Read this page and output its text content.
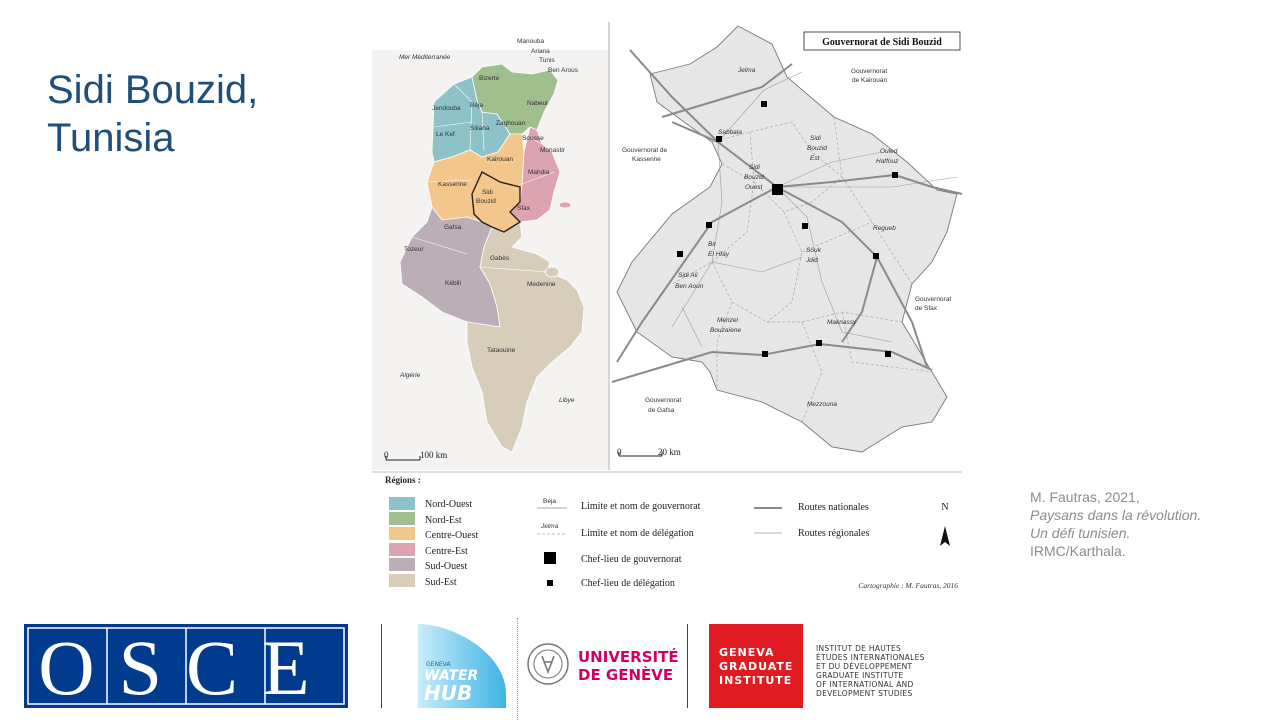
Sidi Bouzid,
Tunisia
Mer Méditerranée
Manouba
Ariana
Tunis
Ben Arous
Bizerte
Jendouba Béja	Nabeul
Zaghouan
Siliana
Le Kef
Sousse
Monastir
Kairouan
Mahdia
Kasserine
Sidi
Bouzid
Sfax
Gafsa
Tozeur
Gabès
Kébili	Medenine
Tataouine
Algérie
Libye
0	100 km
Gouvernorat de Sidi Bouzid
Gouvernorat
de Kairouan
Gouvernorat de
Kasserine
Gouvernorat
de Sfax
Gouvernorat
de Gafsa
Jelma
Sabbala
Sidi
Bouzid
Est
Ouled
Haffouz
Sidi
Bouzid
Ouest
Regueb
Bir
El Hfay
Souk
Jdid
Sidi Ali
Ben Aoun
Menzel
Bouzaïene
Maknassy
Mezzouna
0	20 km
Régions :
Nord-Ouest
Nord-Est
Centre-Ouest
Centre-Est
Sud-Ouest
Sud-Est
Béja Limite et nom de gouvernorat
Jelma
Limite et nom de délégation
Chef-lieu de gouvernorat
Chef-lieu de délégation
Routes nationales
Routes régionales
N
Cartographie : M. Fautras, 2016
M. Fautras, 2021,
Paysans dans la révolution. Un défi tunisien.
IRMC/Karthala.
OSCE	GENEVA
WATER
HUB
UNIVERSITÉ
DE GENÈVE
GENEVA
GRADUATE
INSTITUTE
INSTITUT DE HAUTES
ÉTUDES INTERNATIONALES
ET DU DÉVELOPPEMENT
GRADUATE INSTITUTE
OF INTERNATIONAL AND
DEVELOPMENT STUDIES
